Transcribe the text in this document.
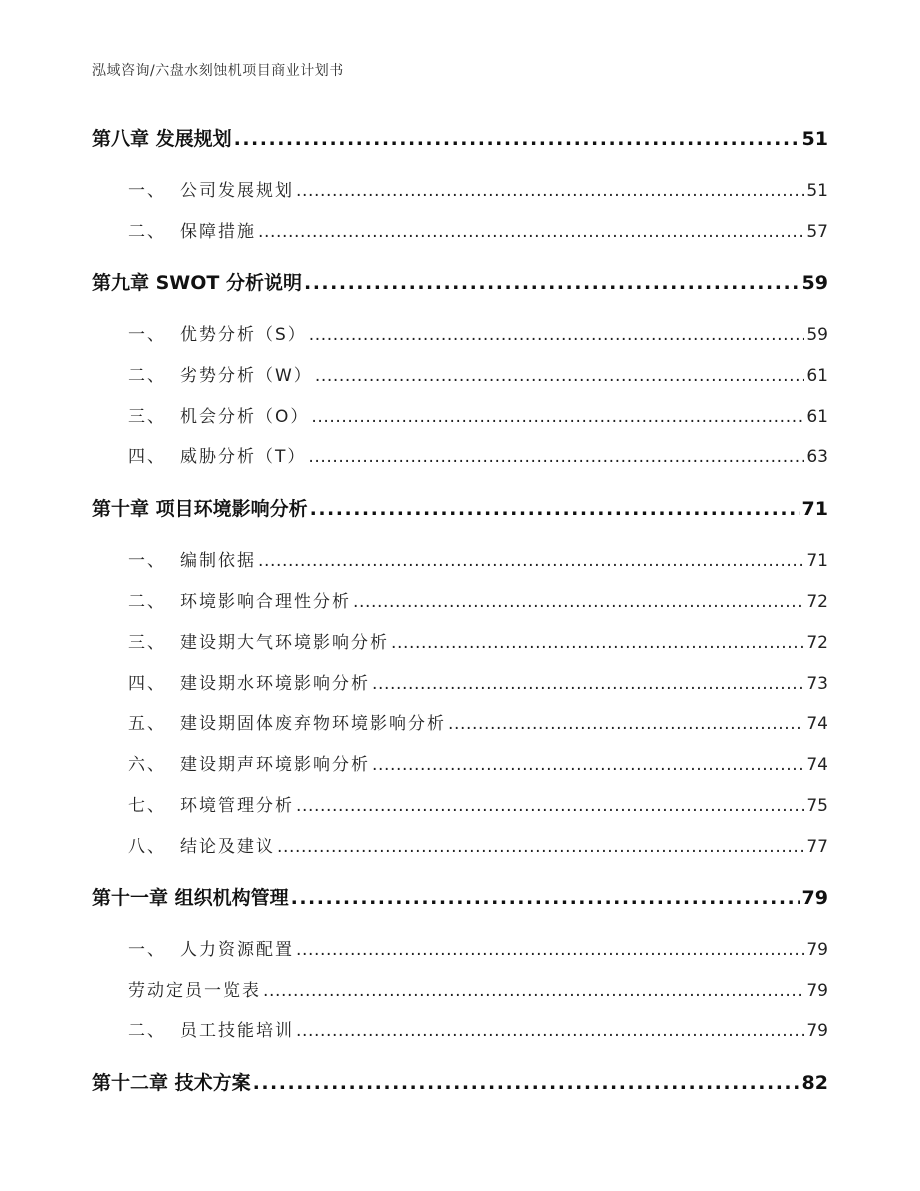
泓域咨询/六盘水刻蚀机项目商业计划书
第八章 发展规划 .....	51
一、 公司发展规划 .....	51
二、 保障措施 .....	57
第九章 SWOT 分析说明 .....	59
一、 优势分析（S） .....	59
二、 劣势分析（W） .....	61
三、 机会分析（O） .....	61
四、 威胁分析（T） .....	63
第十章 项目环境影响分析 .....	71
一、 编制依据 .....	71
二、 环境影响合理性分析 .....	72
三、 建设期大气环境影响分析 .....	72
四、 建设期水环境影响分析 .....	73
五、 建设期固体废弃物环境影响分析 .....	74
六、 建设期声环境影响分析 .....	74
七、 环境管理分析 .....	75
八、 结论及建议 .....	77
第十一章 组织机构管理 .....	79
一、 人力资源配置 .....	79
劳动定员一览表 .....	79
二、 员工技能培训 .....	79
第十二章 技术方案 .....	82
